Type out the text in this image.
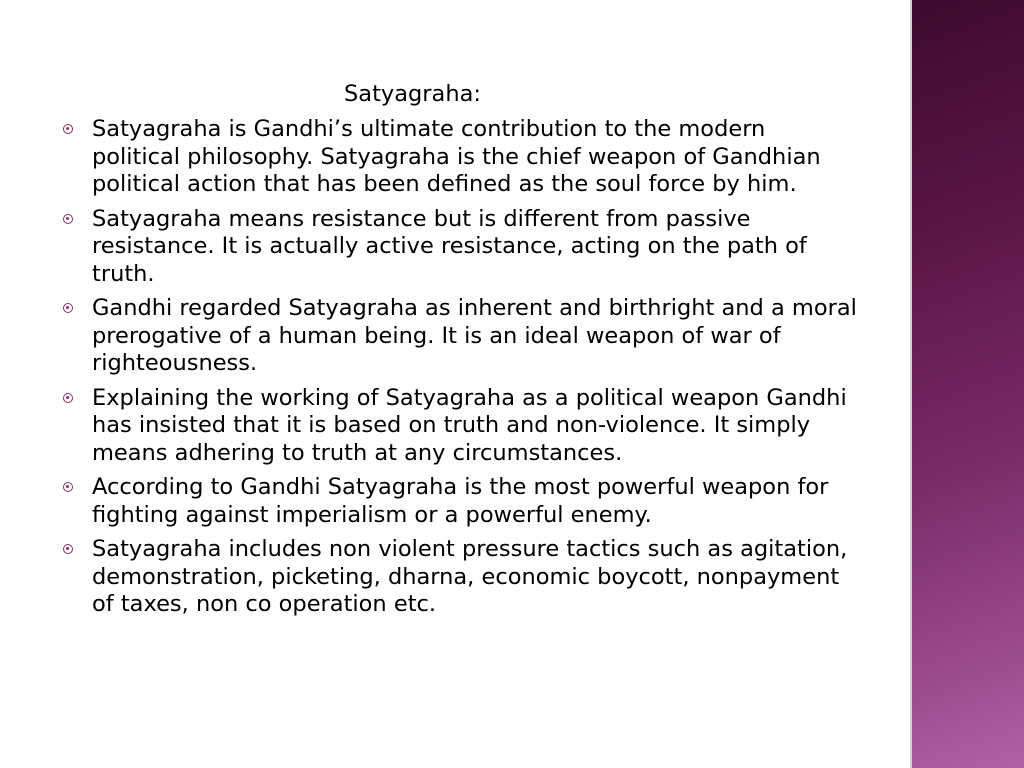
Satyagraha:
Satyagraha is Gandhi’s ultimate contribution to the modern political philosophy. Satyagraha is the chief weapon of Gandhian political action that has been defined as the soul force by him.
Satyagraha means resistance but is different from passive resistance. It is actually active resistance, acting on the path of truth.
Gandhi regarded Satyagraha as inherent and birthright and a moral prerogative of a human being. It is an ideal weapon of war of righteousness.
Explaining the working of Satyagraha as a political weapon Gandhi has insisted that it is based on truth and non-violence. It simply means adhering to truth at any circumstances.
According to Gandhi Satyagraha is the most powerful weapon for fighting against imperialism or a powerful enemy.
Satyagraha includes non violent pressure tactics such as agitation, demonstration, picketing, dharna, economic boycott, nonpayment of taxes, non co operation etc.
